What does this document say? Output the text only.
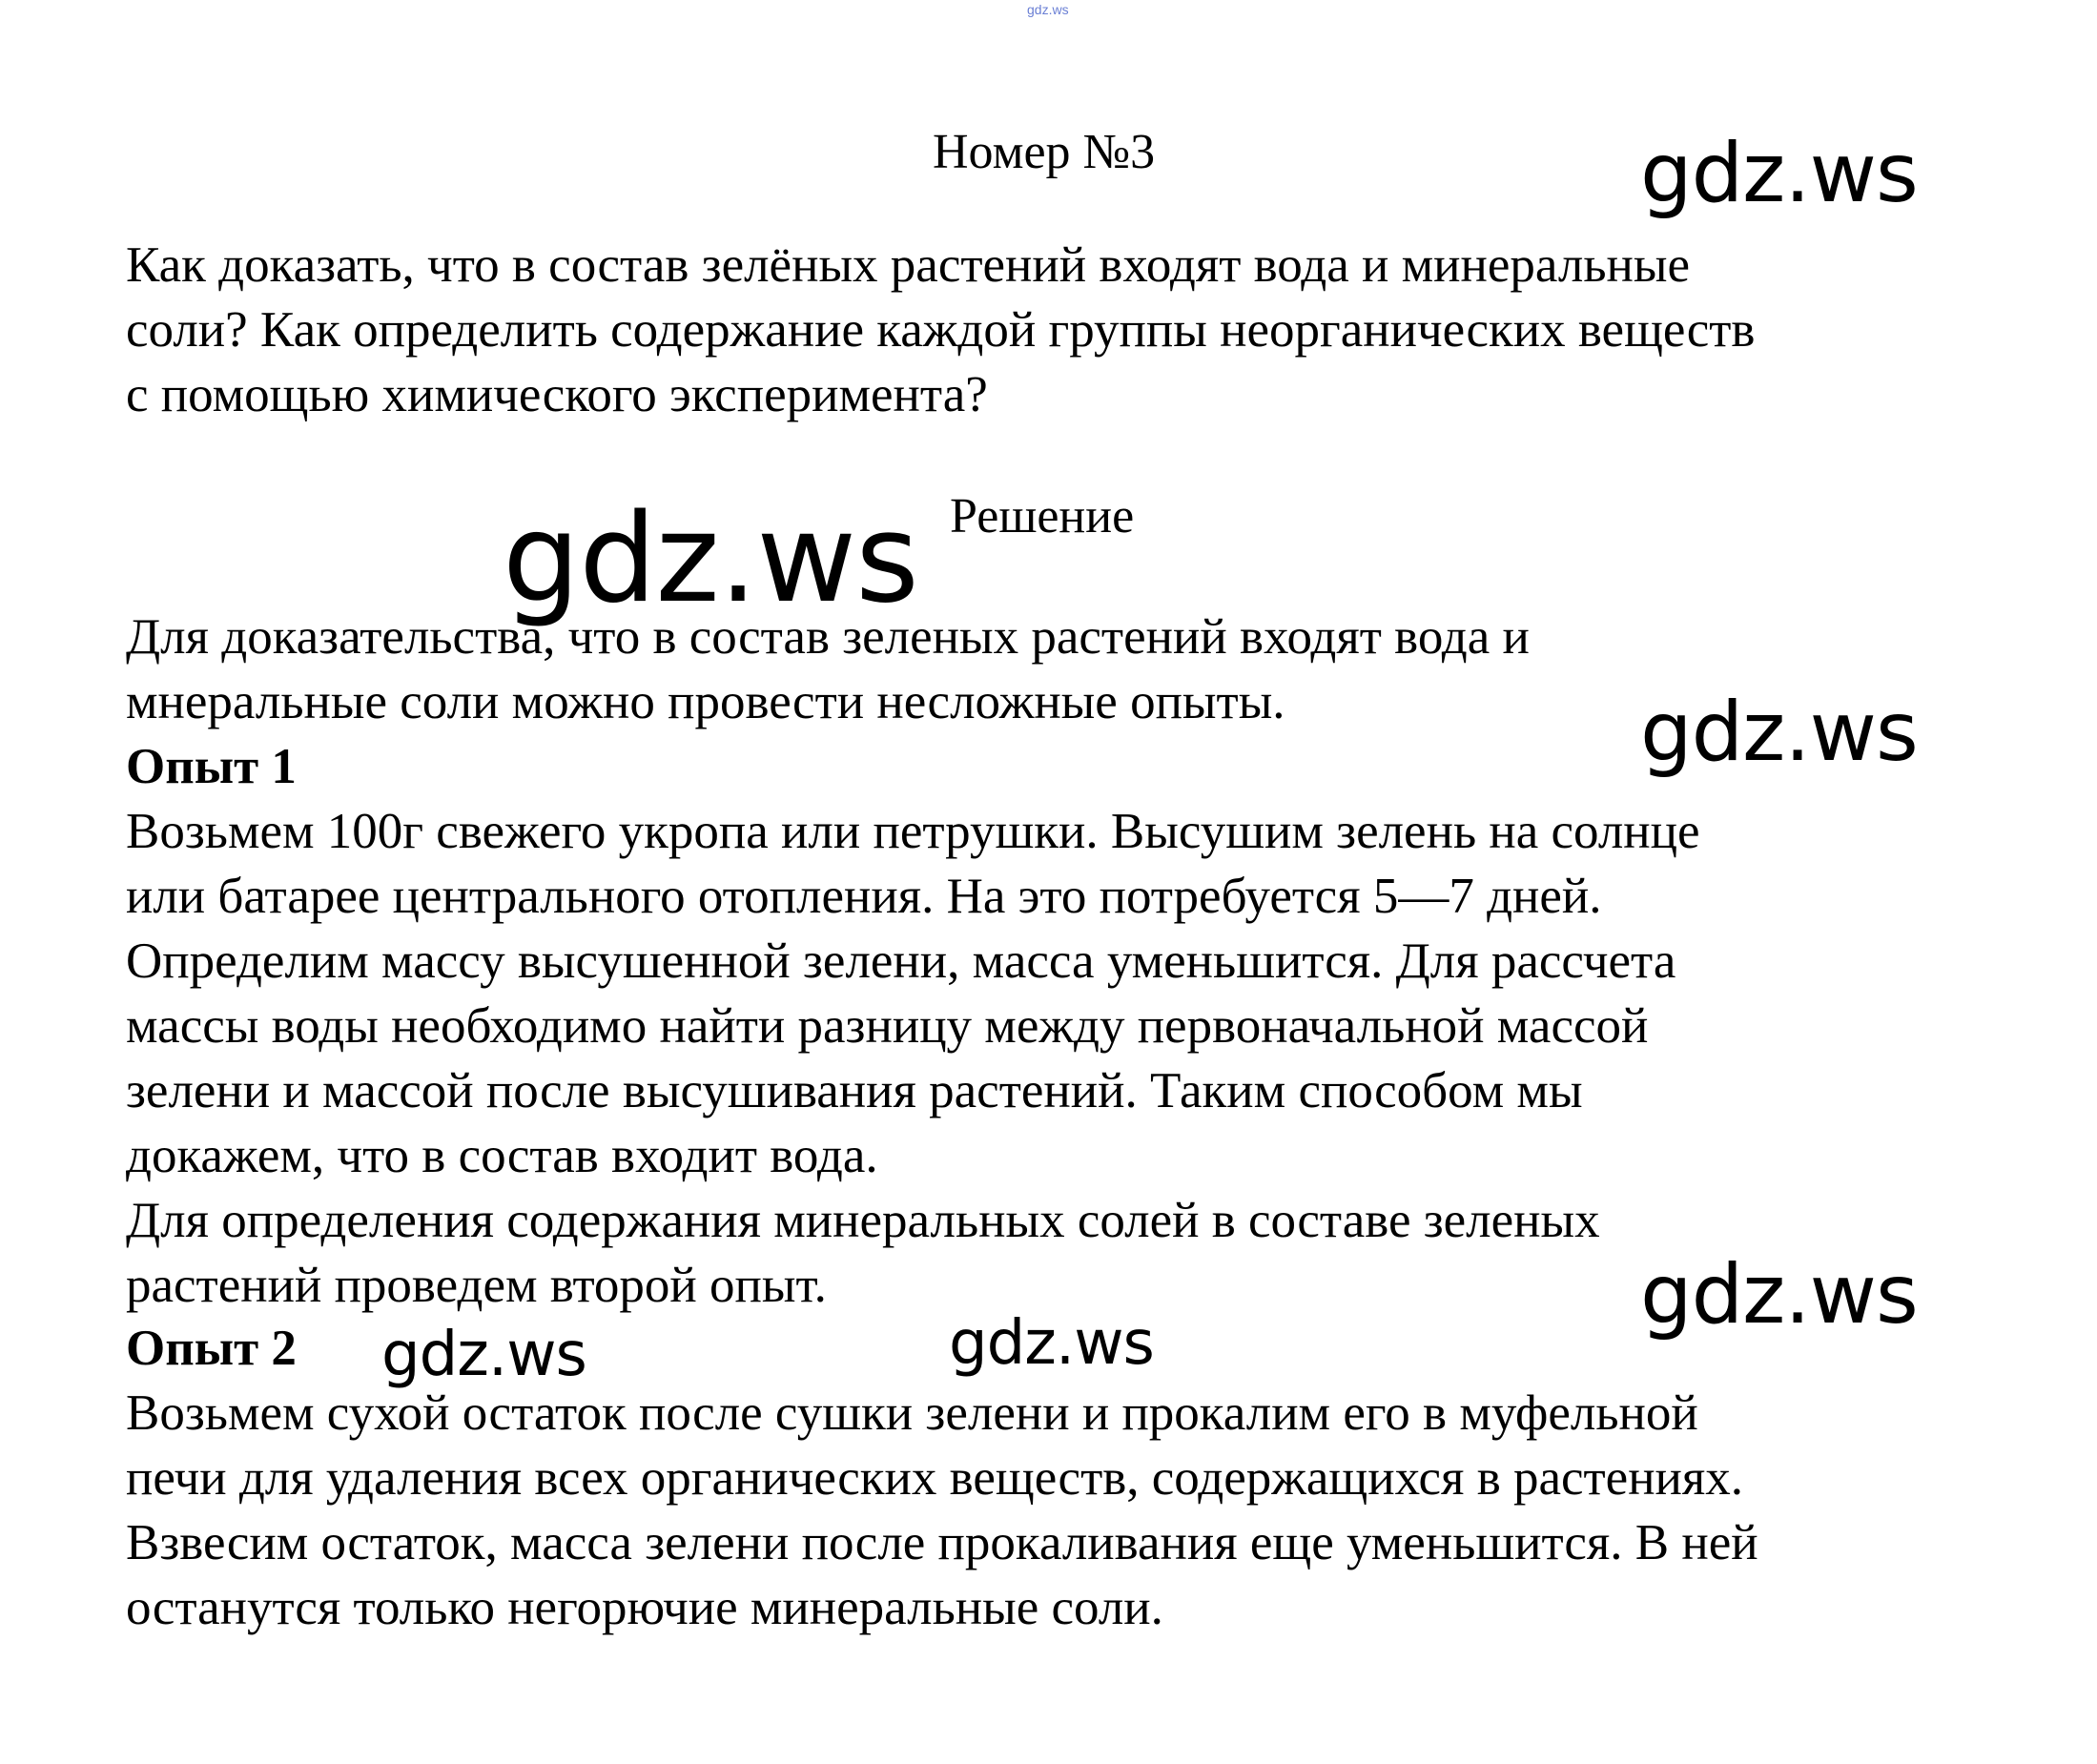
gdz.ws
Номер №3	gdz.ws

Как доказать, что в состав зелёных растений входят вода и минеральные

соли? Как определить содержание каждой группы неорганических веществ

с помощью химического эксперимента?

gdz.ws Решение

Для доказательства, что в состав зеленых растений входят вода и

мнеральные соли можно провести несложные опыты.	gdz.ws

Опыт 1

Возьмем 100г свежего укропа или петрушки. Высушим зелень на солнце

или батарее центрального отопления. На это потребуется 5—7 дней.

Определим массу высушенной зелени, масса уменьшится. Для рассчета

массы воды необходимо найти разницу между первоначальной массой

зелени и массой после высушивания растений. Таким способом мы

докажем, что в состав входит вода.

Для определения содержания минеральных солей в составе зеленых

растений проведем второй опыт.	gdz.ws

Опыт 2	gdz.ws	gdz.ws

Возьмем сухой остаток после сушки зелени и прокалим его в муфельной

печи для удаления всех органических веществ, содержащихся в растениях.

Взвесим остаток, масса зелени после прокаливания еще уменьшится. В ней

останутся только негорючие минеральные соли.
